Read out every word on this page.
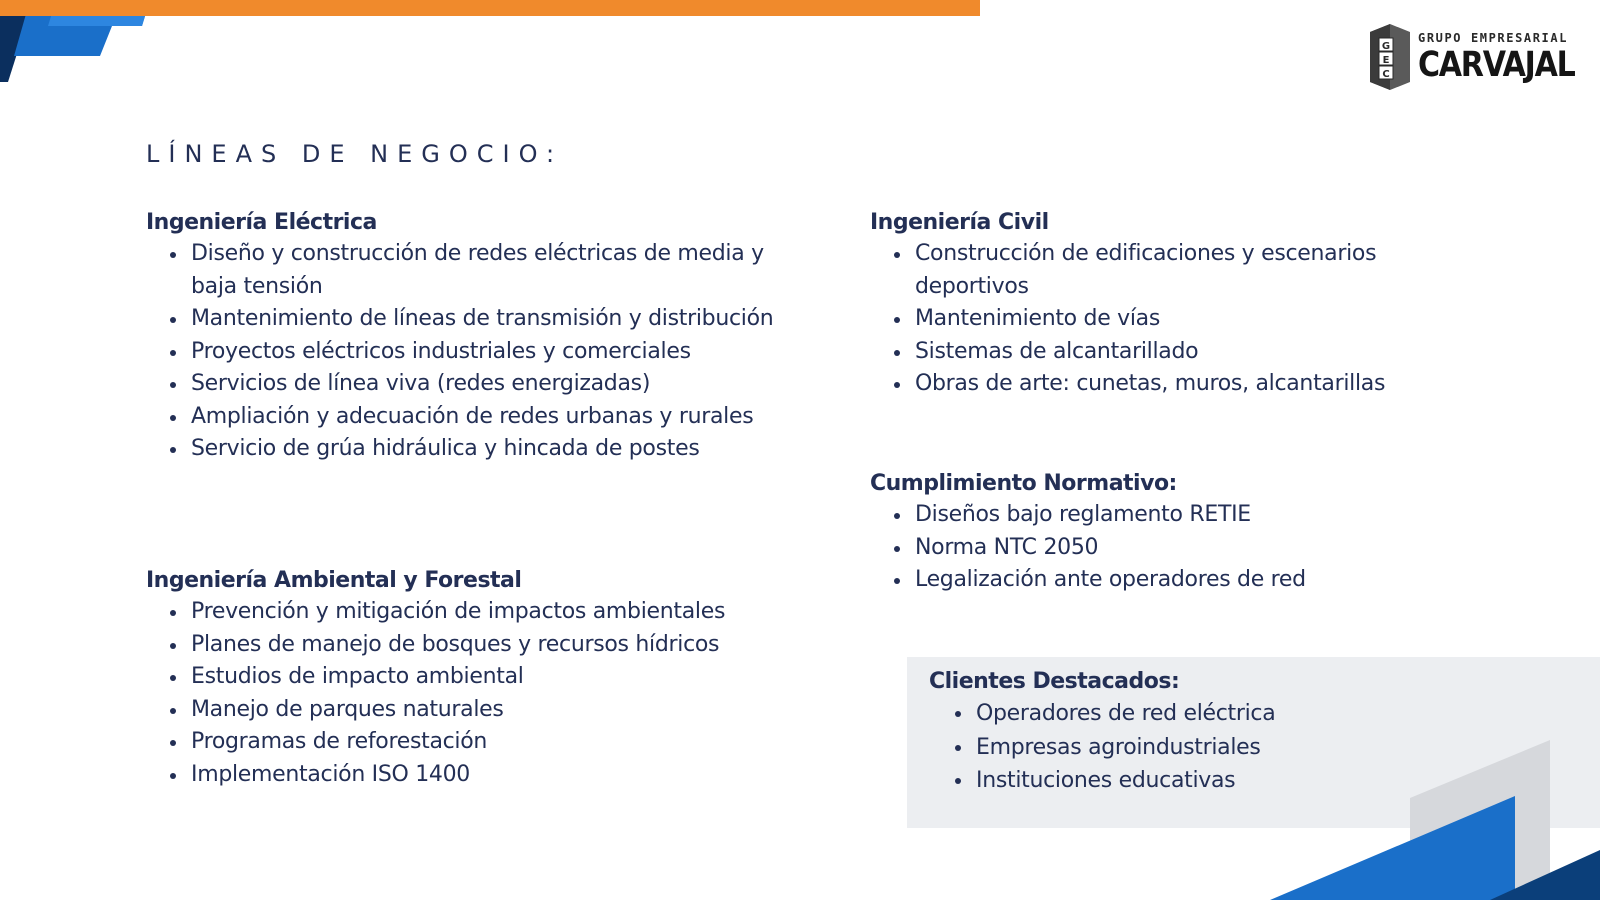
G
E
C
GRUPO EMPRESARIAL
CARVAJAL
LÍNEAS DE NEGOCIO:
Ingeniería Eléctrica
Diseño y construcción de redes eléctricas de media y baja tensión
Mantenimiento de líneas de transmisión y distribución
Proyectos eléctricos industriales y comerciales
Servicios de línea viva (redes energizadas)
Ampliación y adecuación de redes urbanas y rurales
Servicio de grúa hidráulica y hincada de postes
Ingeniería Ambiental y Forestal
Prevención y mitigación de impactos ambientales
Planes de manejo de bosques y recursos hídricos
Estudios de impacto ambiental
Manejo de parques naturales
Programas de reforestación
Implementación ISO 1400
Ingeniería Civil
Construcción de edificaciones y escenarios deportivos
Mantenimiento de vías
Sistemas de alcantarillado
Obras de arte: cunetas, muros, alcantarillas
Cumplimiento Normativo:
Diseños bajo reglamento RETIE
Norma NTC 2050
Legalización ante operadores de red
Clientes Destacados:
Operadores de red eléctrica
Empresas agroindustriales
Instituciones educativas
